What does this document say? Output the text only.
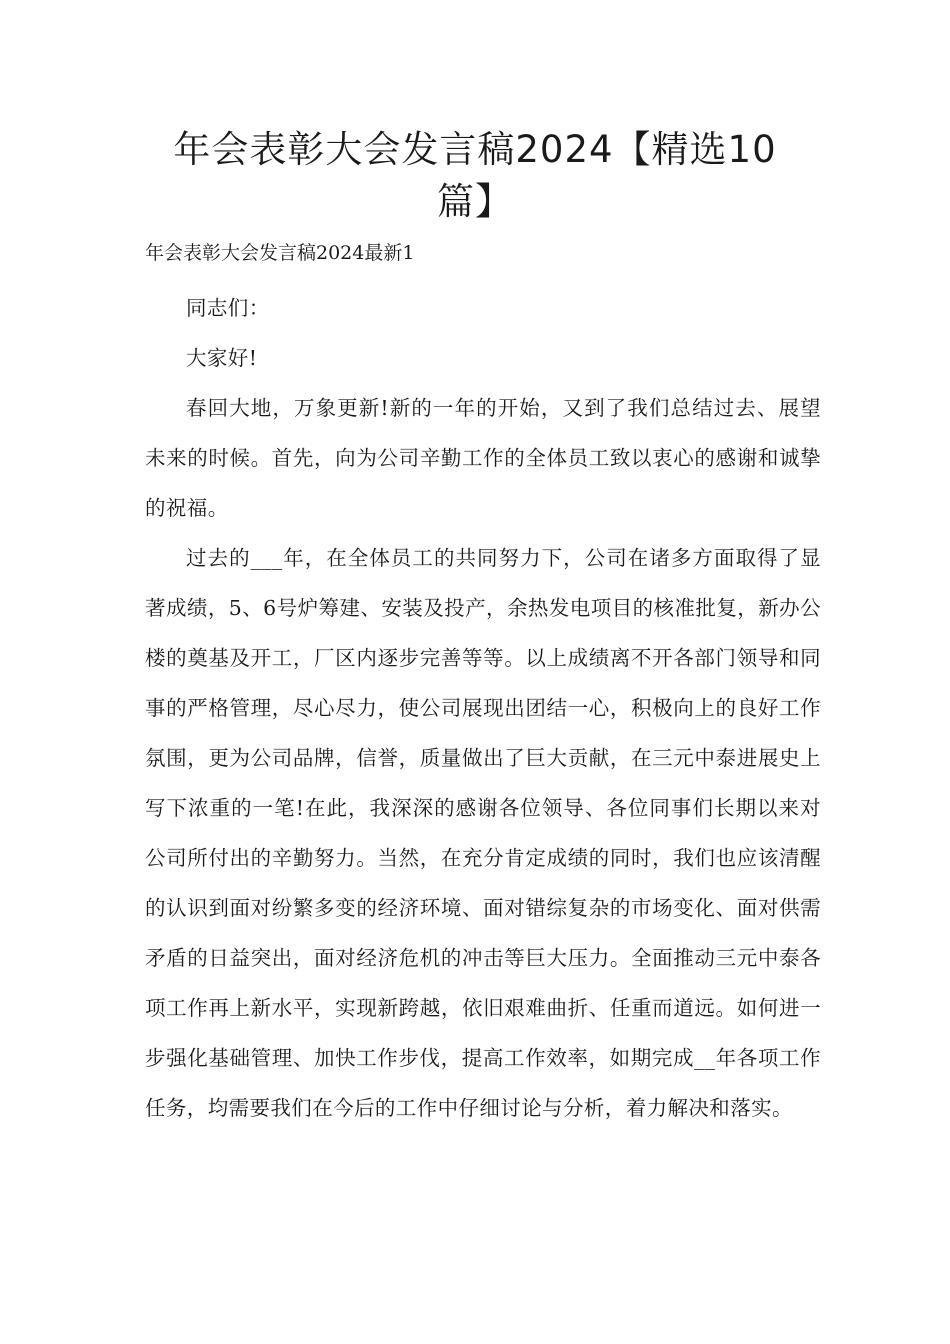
年会表彰大会发言稿2024【精选10篇】

年会表彰大会发言稿2024最新1

同志们：

大家好!

春回大地，万象更新!新的一年的开始，又到了我们总结过去、展望未来的时候。首先，向为公司辛勤工作的全体员工致以衷心的感谢和诚挚的祝福。

过去的___年，在全体员工的共同努力下，公司在诸多方面取得了显著成绩，5、6号炉筹建、安装及投产，余热发电项目的核准批复，新办公楼的奠基及开工，厂区内逐步完善等等。以上成绩离不开各部门领导和同事的严格管理，尽心尽力，使公司展现出团结一心，积极向上的良好工作氛围，更为公司品牌，信誉，质量做出了巨大贡献，在三元中泰进展史上写下浓重的一笔!在此，我深深的感谢各位领导、各位同事们长期以来对公司所付出的辛勤努力。当然，在充分肯定成绩的同时，我们也应该清醒的认识到面对纷繁多变的经济环境、面对错综复杂的市场变化、面对供需矛盾的日益突出，面对经济危机的冲击等巨大压力。全面推动三元中泰各项工作再上新水平，实现新跨越，依旧艰难曲折、任重而道远。如何进一步强化基础管理、加快工作步伐，提高工作效率，如期完成__年各项工作任务，均需要我们在今后的工作中仔细讨论与分析，着力解决和落实。
